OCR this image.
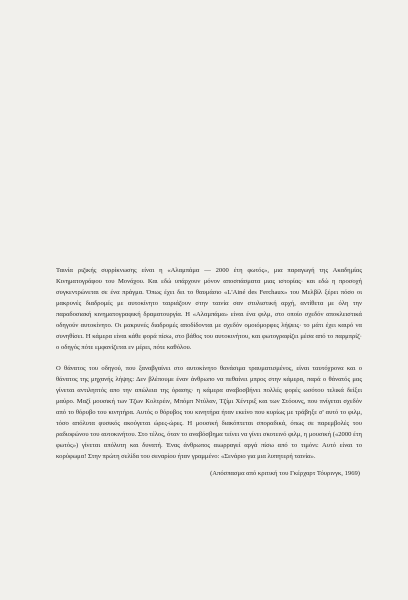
Ταινία ριζικής συρρίκνωσης είναι η «Αλαμπάμα — 2000 έτη φωτός», μια παραγωγή της Ακαδημίας Κινηματογράφου του Μονάχου. Και εδώ υπάρχουν μόνον αποσπάσματα μιας ιστορίας· και εδώ η προσοχή συγκεντρώνεται σε ένα πράγμα. Όπως έχει δει το θαυμάσιο «L'Ainé des Ferchaux» του Μελβίλ ξέρει πόσο οι μακρυνές διαδρομές με αυτοκίνητο ταιριάζουν στην ταινία σαν στυλιστική αρχή, αντίθετα με όλη την παραδοσιακή κινηματογραφική δραματουργία. Η «Αλαμπάμα» είναι ένα φιλμ, στο οποίο σχεδόν αποκλειστικά οδηγούν αυτοκίνητο. Οι μακρυνές διαδρομές αποδίδονται με σχεδόν ομοιόμορφες λήψεις· το μάτι έχει καιρό να συνηθίσει. Η κάμερα είναι κάθε φορά πίσω, στο βάθος του αυτοκινήτου, και φωτογραφίζει μέσα από το παρμπρίζ· ο οδηγός πότε εμφανίζεται εν μέρει, πότε καθόλου.

Ο θάνατος του οδηγού, που ξαναβγαίνει στο αυτοκίνητο θανάσιμα τραυματισμένος, είναι ταυτόχρονα και ο θάνατος της μηχανής λήψης: Δεν βλέπουμε έναν άνθρωπο να πεθαίνει μπρος στην κάμερα, παρά ο θάνατός μας γίνεται αντιληπτός απο την απώλεια της όρασης· η κάμερα αναβοσβήνει πολλές φορές ωσότου τελικά δείξει μαύρο. Μαζί μουσική των Τζων Κολτρέιν, Μπόμπ Ντύλαν, Τζίμι Χέντριξ και των Στόουνς, που πνίγεται σχεδόν από το θόρυβο του κινητήρα. Αυτός ο θόρυβος του κινητήρα ήταν εκείνο που κυρίως με τράβηξε σ' αυτό το φιλμ, τόσο απόλυτα φυσικός ακούγεται ώρες-ώρες. Η μουσική διακόπτεται σποραδικά, όπως σε παρεμβολές του ραδιοφώνου του αυτοκινήτου. Στο τέλος, όταν το αναβόσβημα τείνει να γίνει σκοτεινό φιλμ, η μουσική («2000 έτη φωτός») γίνεται απόλυτη και δυνατή. Ένας άνθρωπος αιωρραγεί αργά πίσω από το τιμόνι: Αυτό είναι το κορύφωμα! Στην πρώτη σελίδα του σεναρίου ήταν γραμμένο: «Σενάριο για μια λυπητερή ταινία».

(Απόσπασμα από κριτική του Γκέρχαρτ Τόυρινγκ, 1969)
